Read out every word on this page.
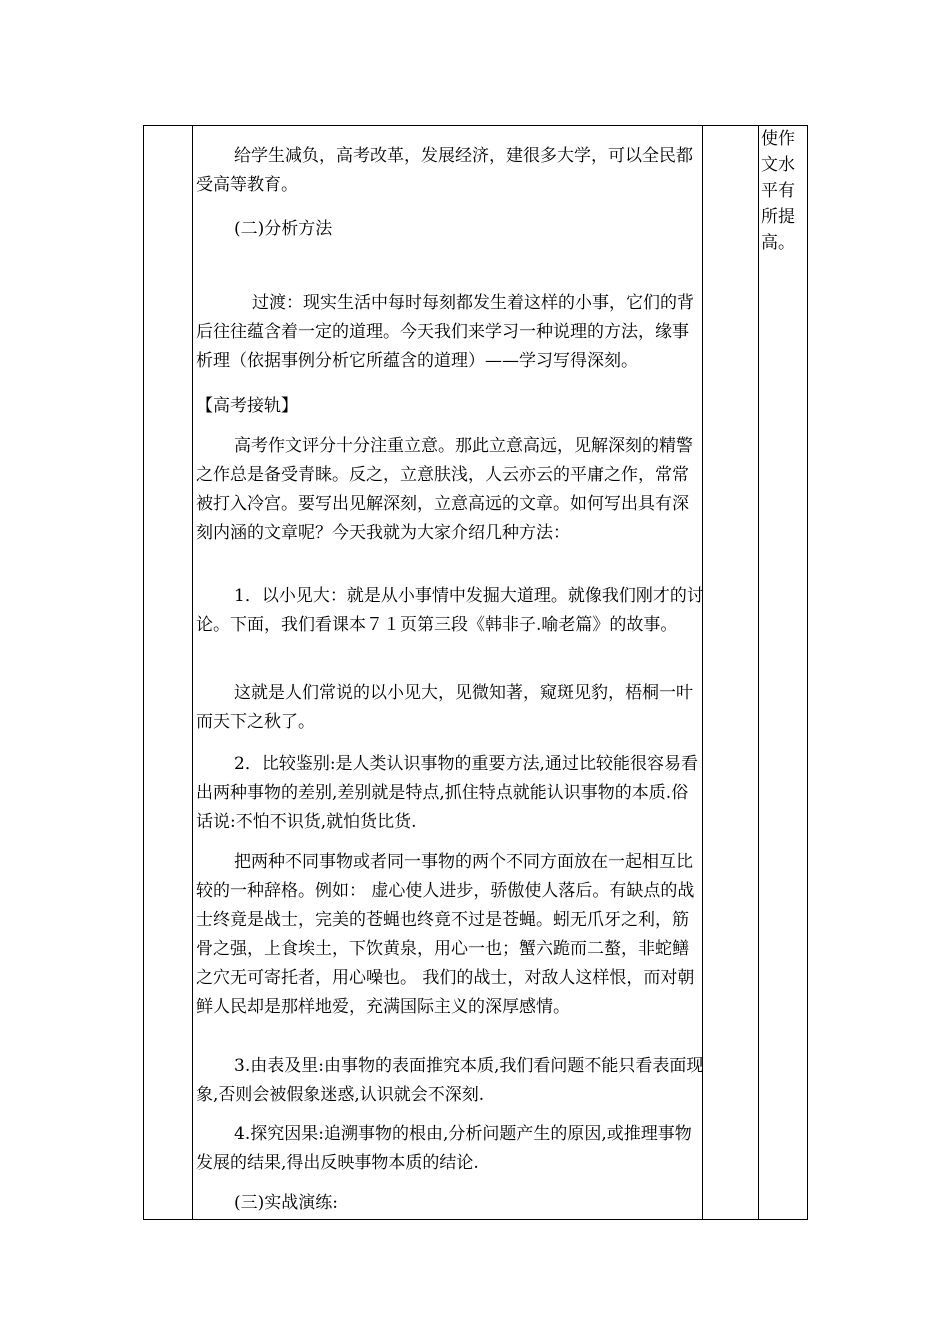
给学生减负，高考改革，发展经济，建很多大学，可以全民都受高等教育。

(二)分析方法

过渡：现实生活中每时每刻都发生着这样的小事，它们的背后往往蕴含着一定的道理。今天我们来学习一种说理的方法，缘事析理（依据事例分析它所蕴含的道理）——学习写得深刻。

【高考接轨】

高考作文评分十分注重立意。那此立意高远，见解深刻的精警之作总是备受青睐。反之，立意肤浅，人云亦云的平庸之作，常常被打入冷宫。要写出见解深刻，立意高远的文章。如何写出具有深刻内涵的文章呢？今天我就为大家介绍几种方法：

1．以小见大：就是从小事情中发掘大道理。就像我们刚才的讨论。下面，我们看课本７１页第三段《韩非子.喻老篇》的故事。

这就是人们常说的以小见大，见微知著，窥斑见豹，梧桐一叶而天下之秋了。

2．比较鉴别:是人类认识事物的重要方法,通过比较能很容易看出两种事物的差别,差别就是特点,抓住特点就能认识事物的本质.俗话说:不怕不识货,就怕货比货.

把两种不同事物或者同一事物的两个不同方面放在一起相互比较的一种辞格。例如： 虚心使人进步，骄傲使人落后。有缺点的战士终竟是战士，完美的苍蝇也终竟不过是苍蝇。蚓无爪牙之利，筋骨之强，上食埃土，下饮黄泉，用心一也；蟹六跪而二螯，非蛇鳝之穴无可寄托者，用心噪也。 我们的战士，对敌人这样恨，而对朝鲜人民却是那样地爱，充满国际主义的深厚感情。

3.由表及里:由事物的表面推究本质,我们看问题不能只看表面现象,否则会被假象迷惑,认识就会不深刻.

4.探究因果:追溯事物的根由,分析问题产生的原因,或推理事物发展的结果,得出反映事物本质的结论.

(三)实战演练:

使作文水平有所提高。
